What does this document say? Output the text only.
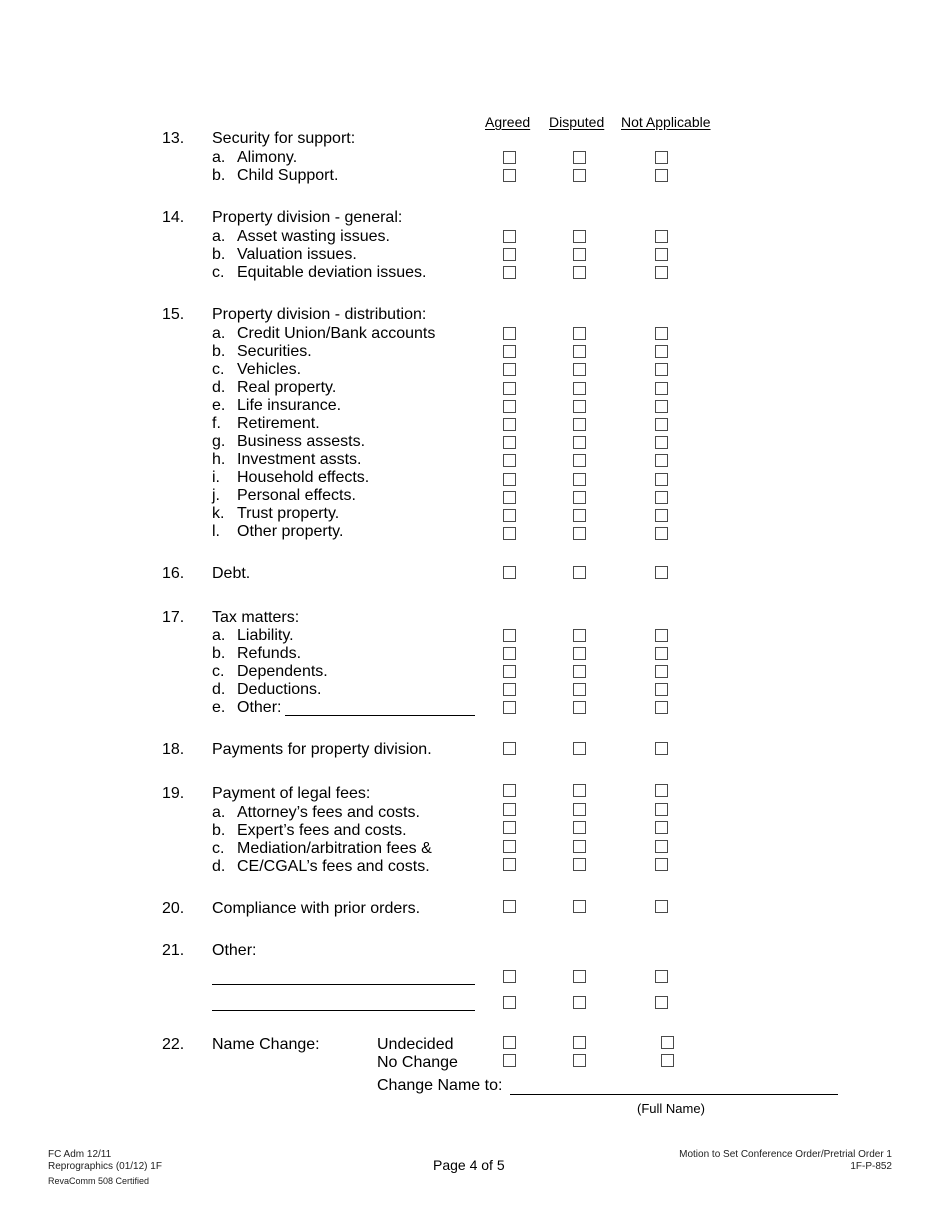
Agreed Disputed Not Applicable
13. Security for support:
a. Alimony.
b. Child Support.
14. Property division - general:
a. Asset wasting issues.
b. Valuation issues.
c. Equitable deviation issues.
15. Property division - distribution:
a. Credit Union/Bank accounts
b. Securities.
c. Vehicles.
d. Real property.
e. Life insurance.
f. Retirement.
g. Business assests.
h. Investment assts.
i. Household effects.
j. Personal effects.
k. Trust property.
l. Other property.
16. Debt.
17. Tax matters:
a. Liability.
b. Refunds.
c. Dependents.
d. Deductions.
e. Other:
18. Payments for property division.
19. Payment of legal fees:
a. Attorney’s fees and costs.
b. Expert’s fees and costs.
c. Mediation/arbitration fees &
d. CE/CGAL’s fees and costs.
20. Compliance with prior orders.
21. Other:
22. Name Change:	Undecided
No Change
Change Name to:
(Full Name)
FC Adm 12/11
Reprographics (01/12) 1F
RevaComm 508 Certified
Page 4 of 5
Motion to Set Conference Order/Pretrial Order 1
1F-P-852
